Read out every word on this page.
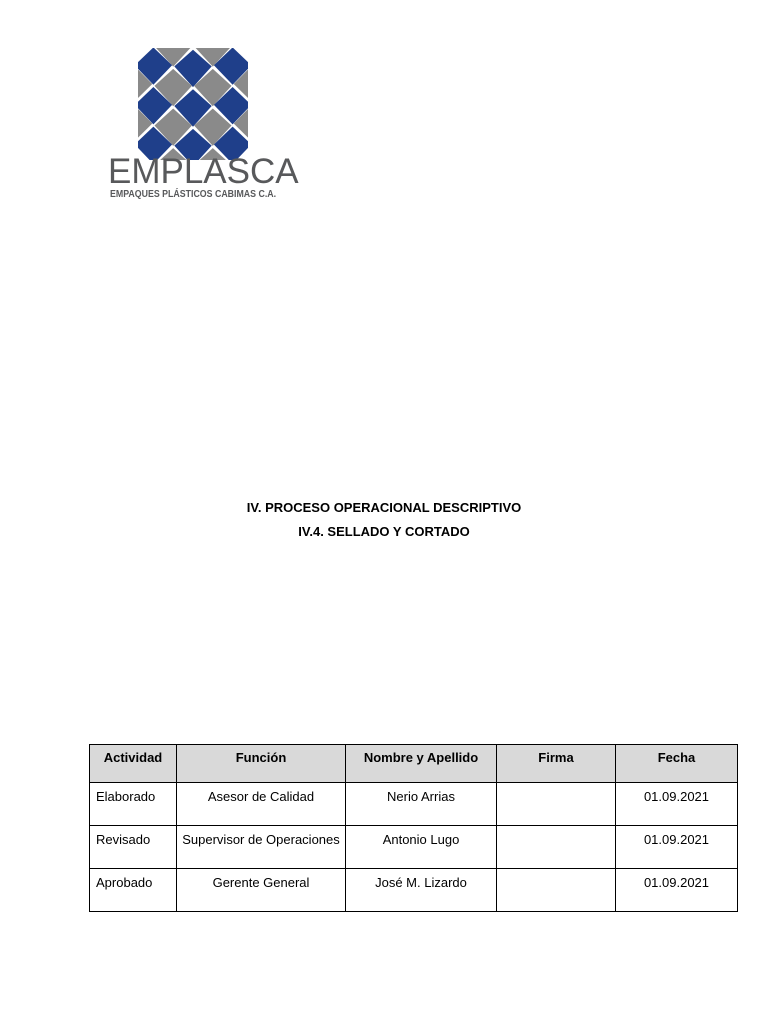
EMPLASCA
EMPAQUES PLÁSTICOS CABIMAS C.A.
IV. PROCESO OPERACIONAL DESCRIPTIVO
IV.4. SELLADO Y CORTADO
Actividad	Función	Nombre y Apellido	Firma	Fecha
Elaborado	Asesor de Calidad	Nerio Arrias		01.09.2021
Revisado	Supervisor de Operaciones	Antonio Lugo		01.09.2021
Aprobado	Gerente General	José M. Lizardo		01.09.2021
